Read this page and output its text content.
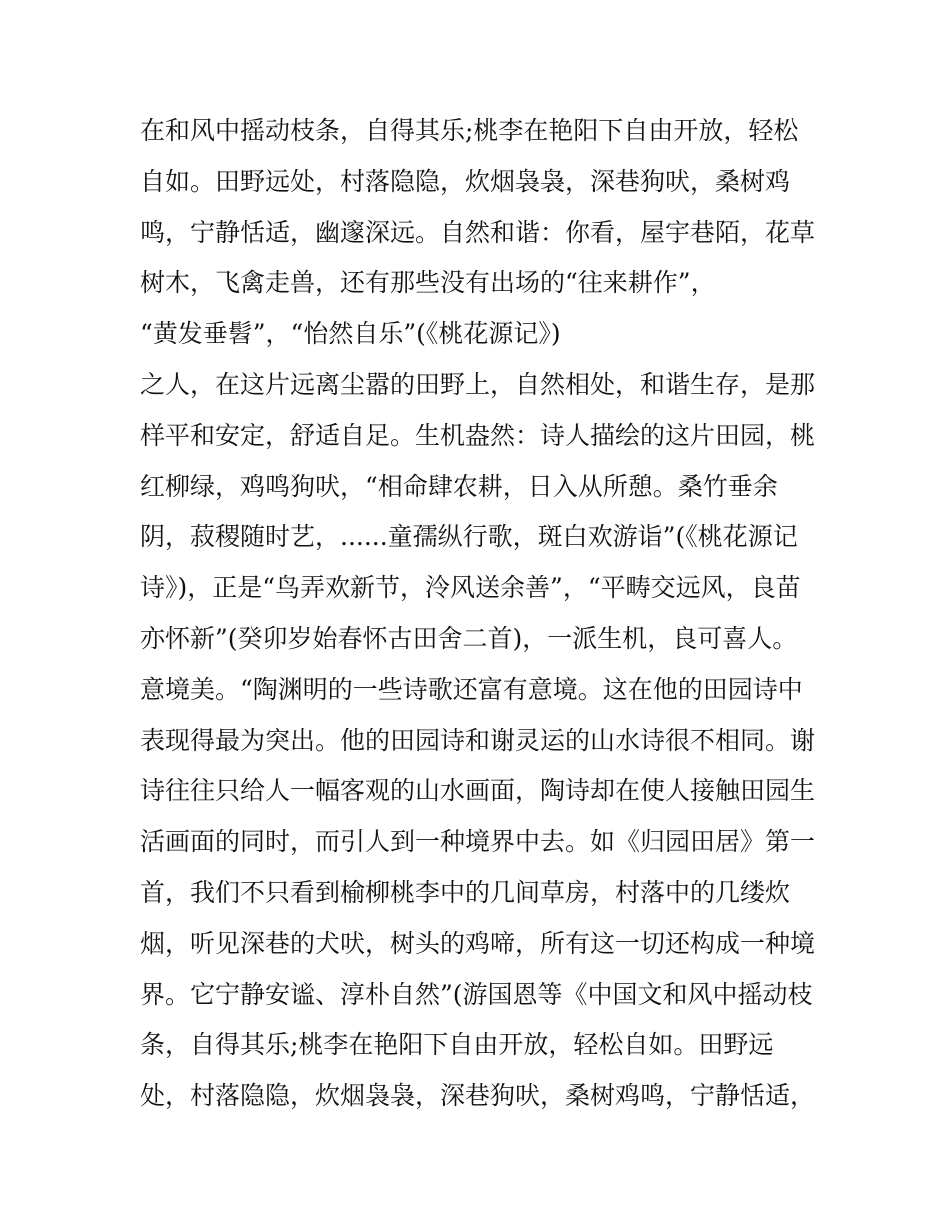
在和风中摇动枝条，自得其乐;桃李在艳阳下自由开放，轻松
自如。田野远处，村落隐隐，炊烟袅袅，深巷狗吠，桑树鸡
鸣，宁静恬适，幽邃深远。自然和谐：你看，屋宇巷陌，花草
树木，飞禽走兽，还有那些没有出场的“往来耕作”，
“黄发垂髫”，“怡然自乐”(《桃花源记》)
之人，在这片远离尘嚣的田野上，自然相处，和谐生存，是那
样平和安定，舒适自足。生机盎然：诗人描绘的这片田园，桃
红柳绿，鸡鸣狗吠，“相命肆农耕，日入从所憩。桑竹垂余
阴，菽稷随时艺，......童孺纵行歌，斑白欢游诣”(《桃花源记
诗》)，正是“鸟弄欢新节，泠风送余善”，“平畴交远风，良苗
亦怀新”(癸卯岁始春怀古田舍二首)，一派生机，良可喜人。
意境美。“陶渊明的一些诗歌还富有意境。这在他的田园诗中
表现得最为突出。他的田园诗和谢灵运的山水诗很不相同。谢
诗往往只给人一幅客观的山水画面，陶诗却在使人接触田园生
活画面的同时，而引人到一种境界中去。如《归园田居》第一
首，我们不只看到榆柳桃李中的几间草房，村落中的几缕炊
烟，听见深巷的犬吠，树头的鸡啼，所有这一切还构成一种境
界。它宁静安谧、淳朴自然”(游国恩等《中国文和风中摇动枝
条，自得其乐;桃李在艳阳下自由开放，轻松自如。田野远
处，村落隐隐，炊烟袅袅，深巷狗吠，桑树鸡鸣，宁静恬适，
